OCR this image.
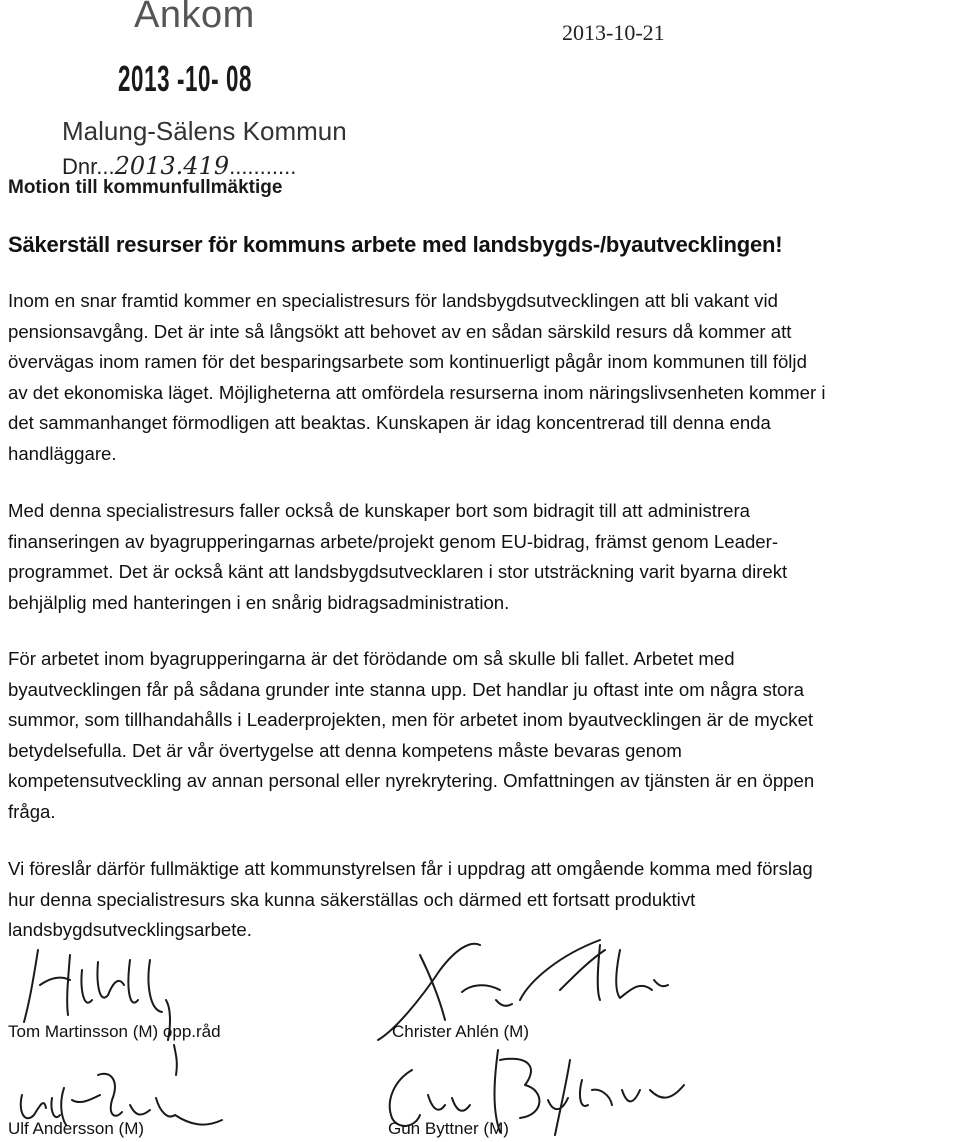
Ankom
2013 -10- 08
Malung-Sälens Kommun
Dnr...2013.419...........
2013-10-21
Motion till kommunfullmäktige
Säkerställ resurser för kommuns arbete med landsbygds-/byautvecklingen!

Inom en snar framtid kommer en specialistresurs för landsbygdsutvecklingen att bli vakant vid pensionsavgång. Det är inte så långsökt att behovet av en sådan särskild resurs då kommer att övervägas inom ramen för det besparingsarbete som kontinuerligt pågår inom kommunen till följd av det ekonomiska läget. Möjligheterna att omfördela resurserna inom näringslivsenheten kommer i det sammanhanget förmodligen att beaktas. Kunskapen är idag koncentrerad till denna enda handläggare.

Med denna specialistresurs faller också de kunskaper bort som bidragit till att administrera finanseringen av byagrupperingarnas arbete/projekt genom EU-bidrag, främst genom Leader-programmet. Det är också känt att landsbygdsutvecklaren i stor utsträckning varit byarna direkt behjälplig med hanteringen i en snårig bidragsadministration.

För arbetet inom byagrupperingarna är det förödande om så skulle bli fallet. Arbetet med byautvecklingen får på sådana grunder inte stanna upp. Det handlar ju oftast inte om några stora summor, som tillhandahålls i Leaderprojekten, men för arbetet inom byautvecklingen är de mycket betydelsefulla. Det är vår övertygelse att denna kompetens måste bevaras genom kompetensutveckling av annan personal eller nyrekrytering. Omfattningen av tjänsten är en öppen fråga.

Vi föreslår därför fullmäktige att kommunstyrelsen får i uppdrag att omgående komma med förslag hur denna specialistresurs ska kunna säkerställas och därmed ett fortsatt produktivt landsbygdsutvecklingsarbete.

Tom Martinsson (M) opp.råd	Christer Ahlén (M)
Ulf Andersson (M)	Gun Byttner (M)
